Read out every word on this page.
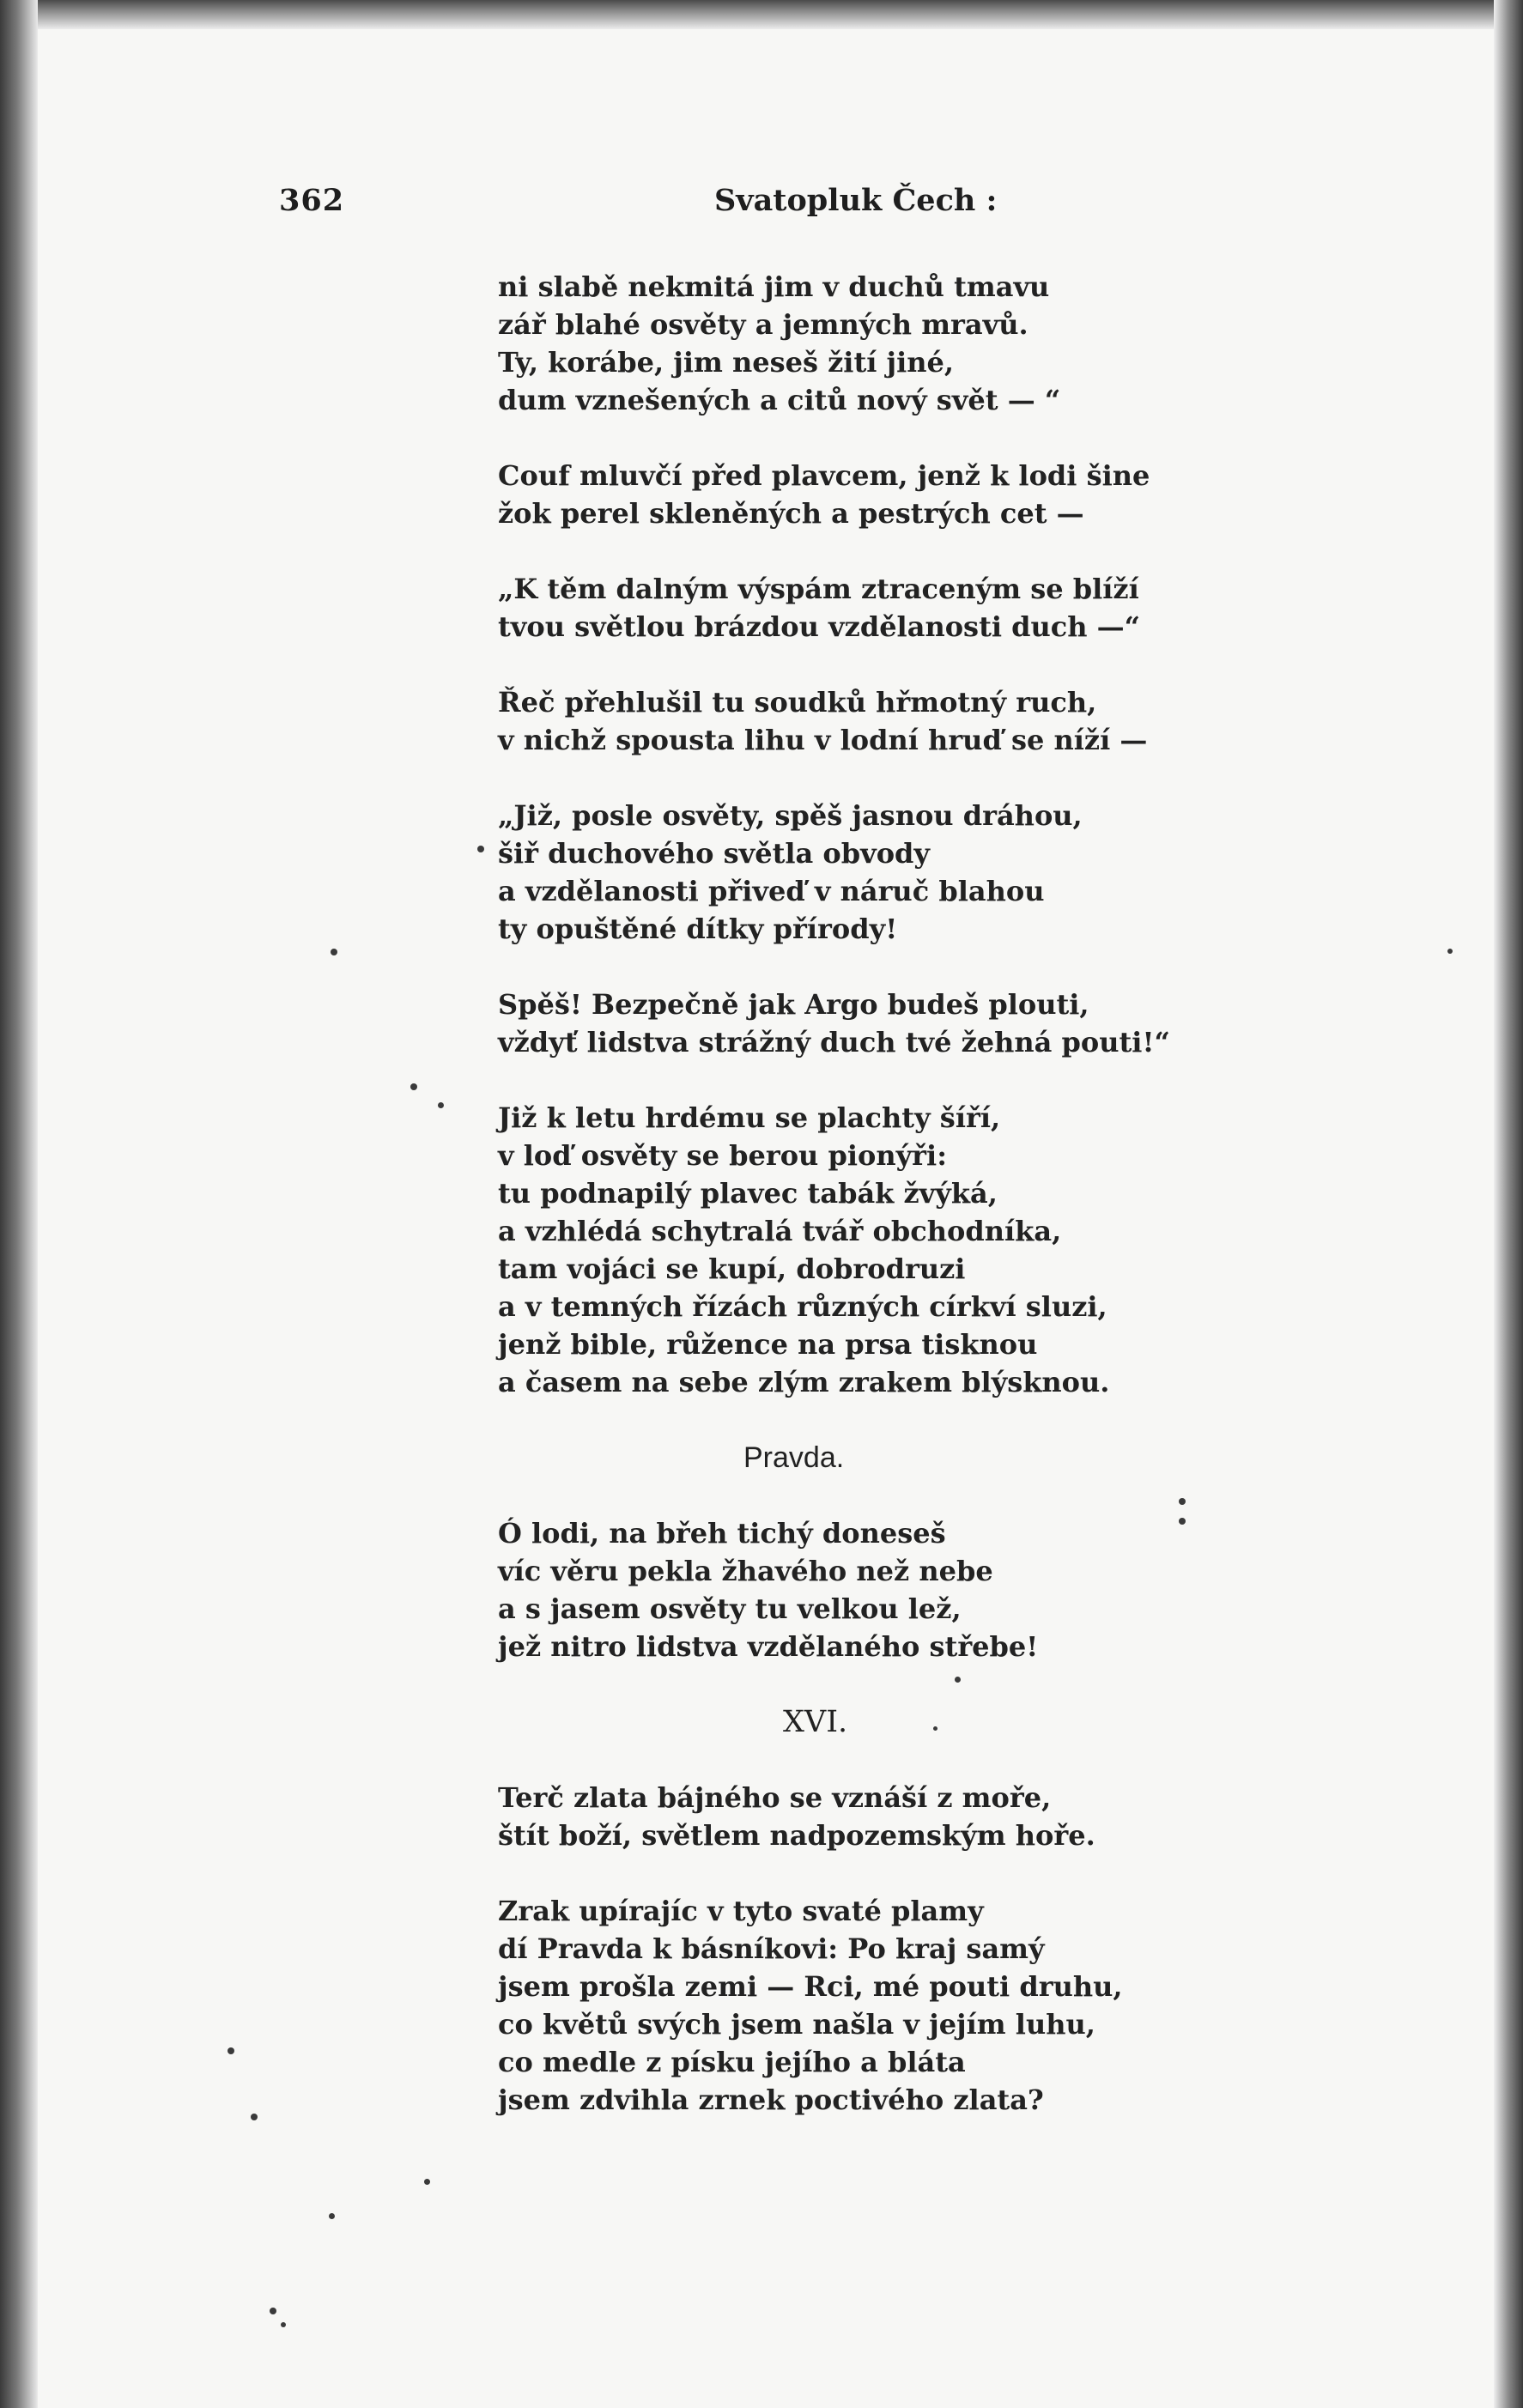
362	Svatopluk Čech :
ni slabě nekmitá jim v duchů tmavu
zář blahé osvěty a jemných mravů.
Ty, korábe, jim neseš žití jiné,
dum vznešených a citů nový svět — “
Couf mluvčí před plavcem, jenž k lodi šine
žok perel skleněných a pestrých cet —
„K těm dalným výspám ztraceným se blíží
tvou světlou brázdou vzdělanosti duch —“
Řeč přehlušil tu soudků hřmotný ruch,
v nichž spousta lihu v lodní hruď se níží —
„Již, posle osvěty, spěš jasnou dráhou,
šiř duchového světla obvody
a vzdělanosti přiveď v náruč blahou
ty opuštěné dítky přírody!
Spěš! Bezpečně jak Argo budeš plouti,
vždyť lidstva strážný duch tvé žehná pouti!“
Již k letu hrdému se plachty šíří,
v loď osvěty se berou pionýři:
tu podnapilý plavec tabák žvýká,
a vzhlédá schytralá tvář obchodníka,
tam vojáci se kupí, dobrodruzi
a v temných řízách různých církví sluzi,
jenž bible, růžence na prsa tisknou
a časem na sebe zlým zrakem blýsknou.
Pravda.
Ó lodi, na břeh tichý doneseš
víc věru pekla žhavého než nebe
a s jasem osvěty tu velkou lež,
jež nitro lidstva vzdělaného střebe!
XVI.
Terč zlata bájného se vznáší z moře,
štít boží, světlem nadpozemským hoře.
Zrak upírajíc v tyto svaté plamy
dí Pravda k básníkovi: Po kraj samý
jsem prošla zemi — Rci, mé pouti druhu,
co květů svých jsem našla v jejím luhu,
co medle z písku jejího a bláta
jsem zdvihla zrnek poctivého zlata?
